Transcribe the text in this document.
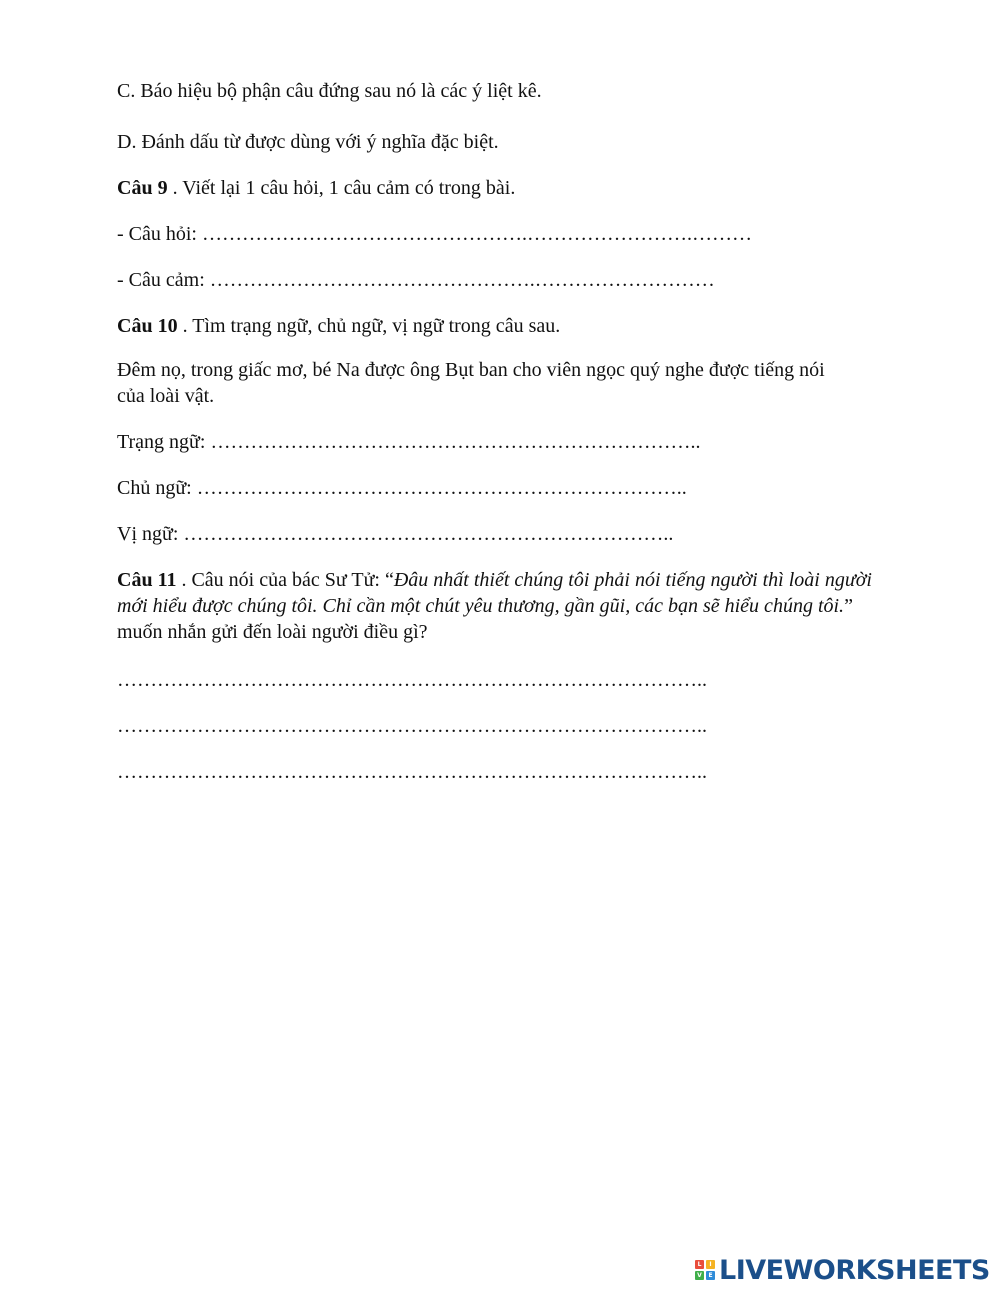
C. Báo hiệu bộ phận câu đứng sau nó là các ý liệt kê.
D. Đánh dấu từ được dùng với ý nghĩa đặc biệt.
Câu 9 . Viết lại 1 câu hỏi, 1 câu cảm có trong bài.
- Câu hỏi: ………………………………………….…………………….………
- Câu cảm: ………………………………………….………………………
Câu 10 . Tìm trạng ngữ, chủ ngữ, vị ngữ trong câu sau.
Đêm nọ, trong giấc mơ, bé Na được ông Bụt ban cho viên ngọc quý nghe được tiếng nói của loài vật.
Trạng ngữ: ………………………………………………………………..
Chủ ngữ: ………………………………………………………………..
Vị ngữ: ………………………………………………………………..
Câu 11 . Câu nói của bác Sư Tử: “Đâu nhất thiết chúng tôi phải nói tiếng người thì loài người mới hiểu được chúng tôi. Chỉ cần một chút yêu thương, gần gũi, các bạn sẽ hiểu chúng tôi.” muốn nhắn gửi đến loài người điều gì?
……………………………………………………………………………..
……………………………………………………………………………..
……………………………………………………………………………..
L	I
V	E LIVEWORKSHEETS
